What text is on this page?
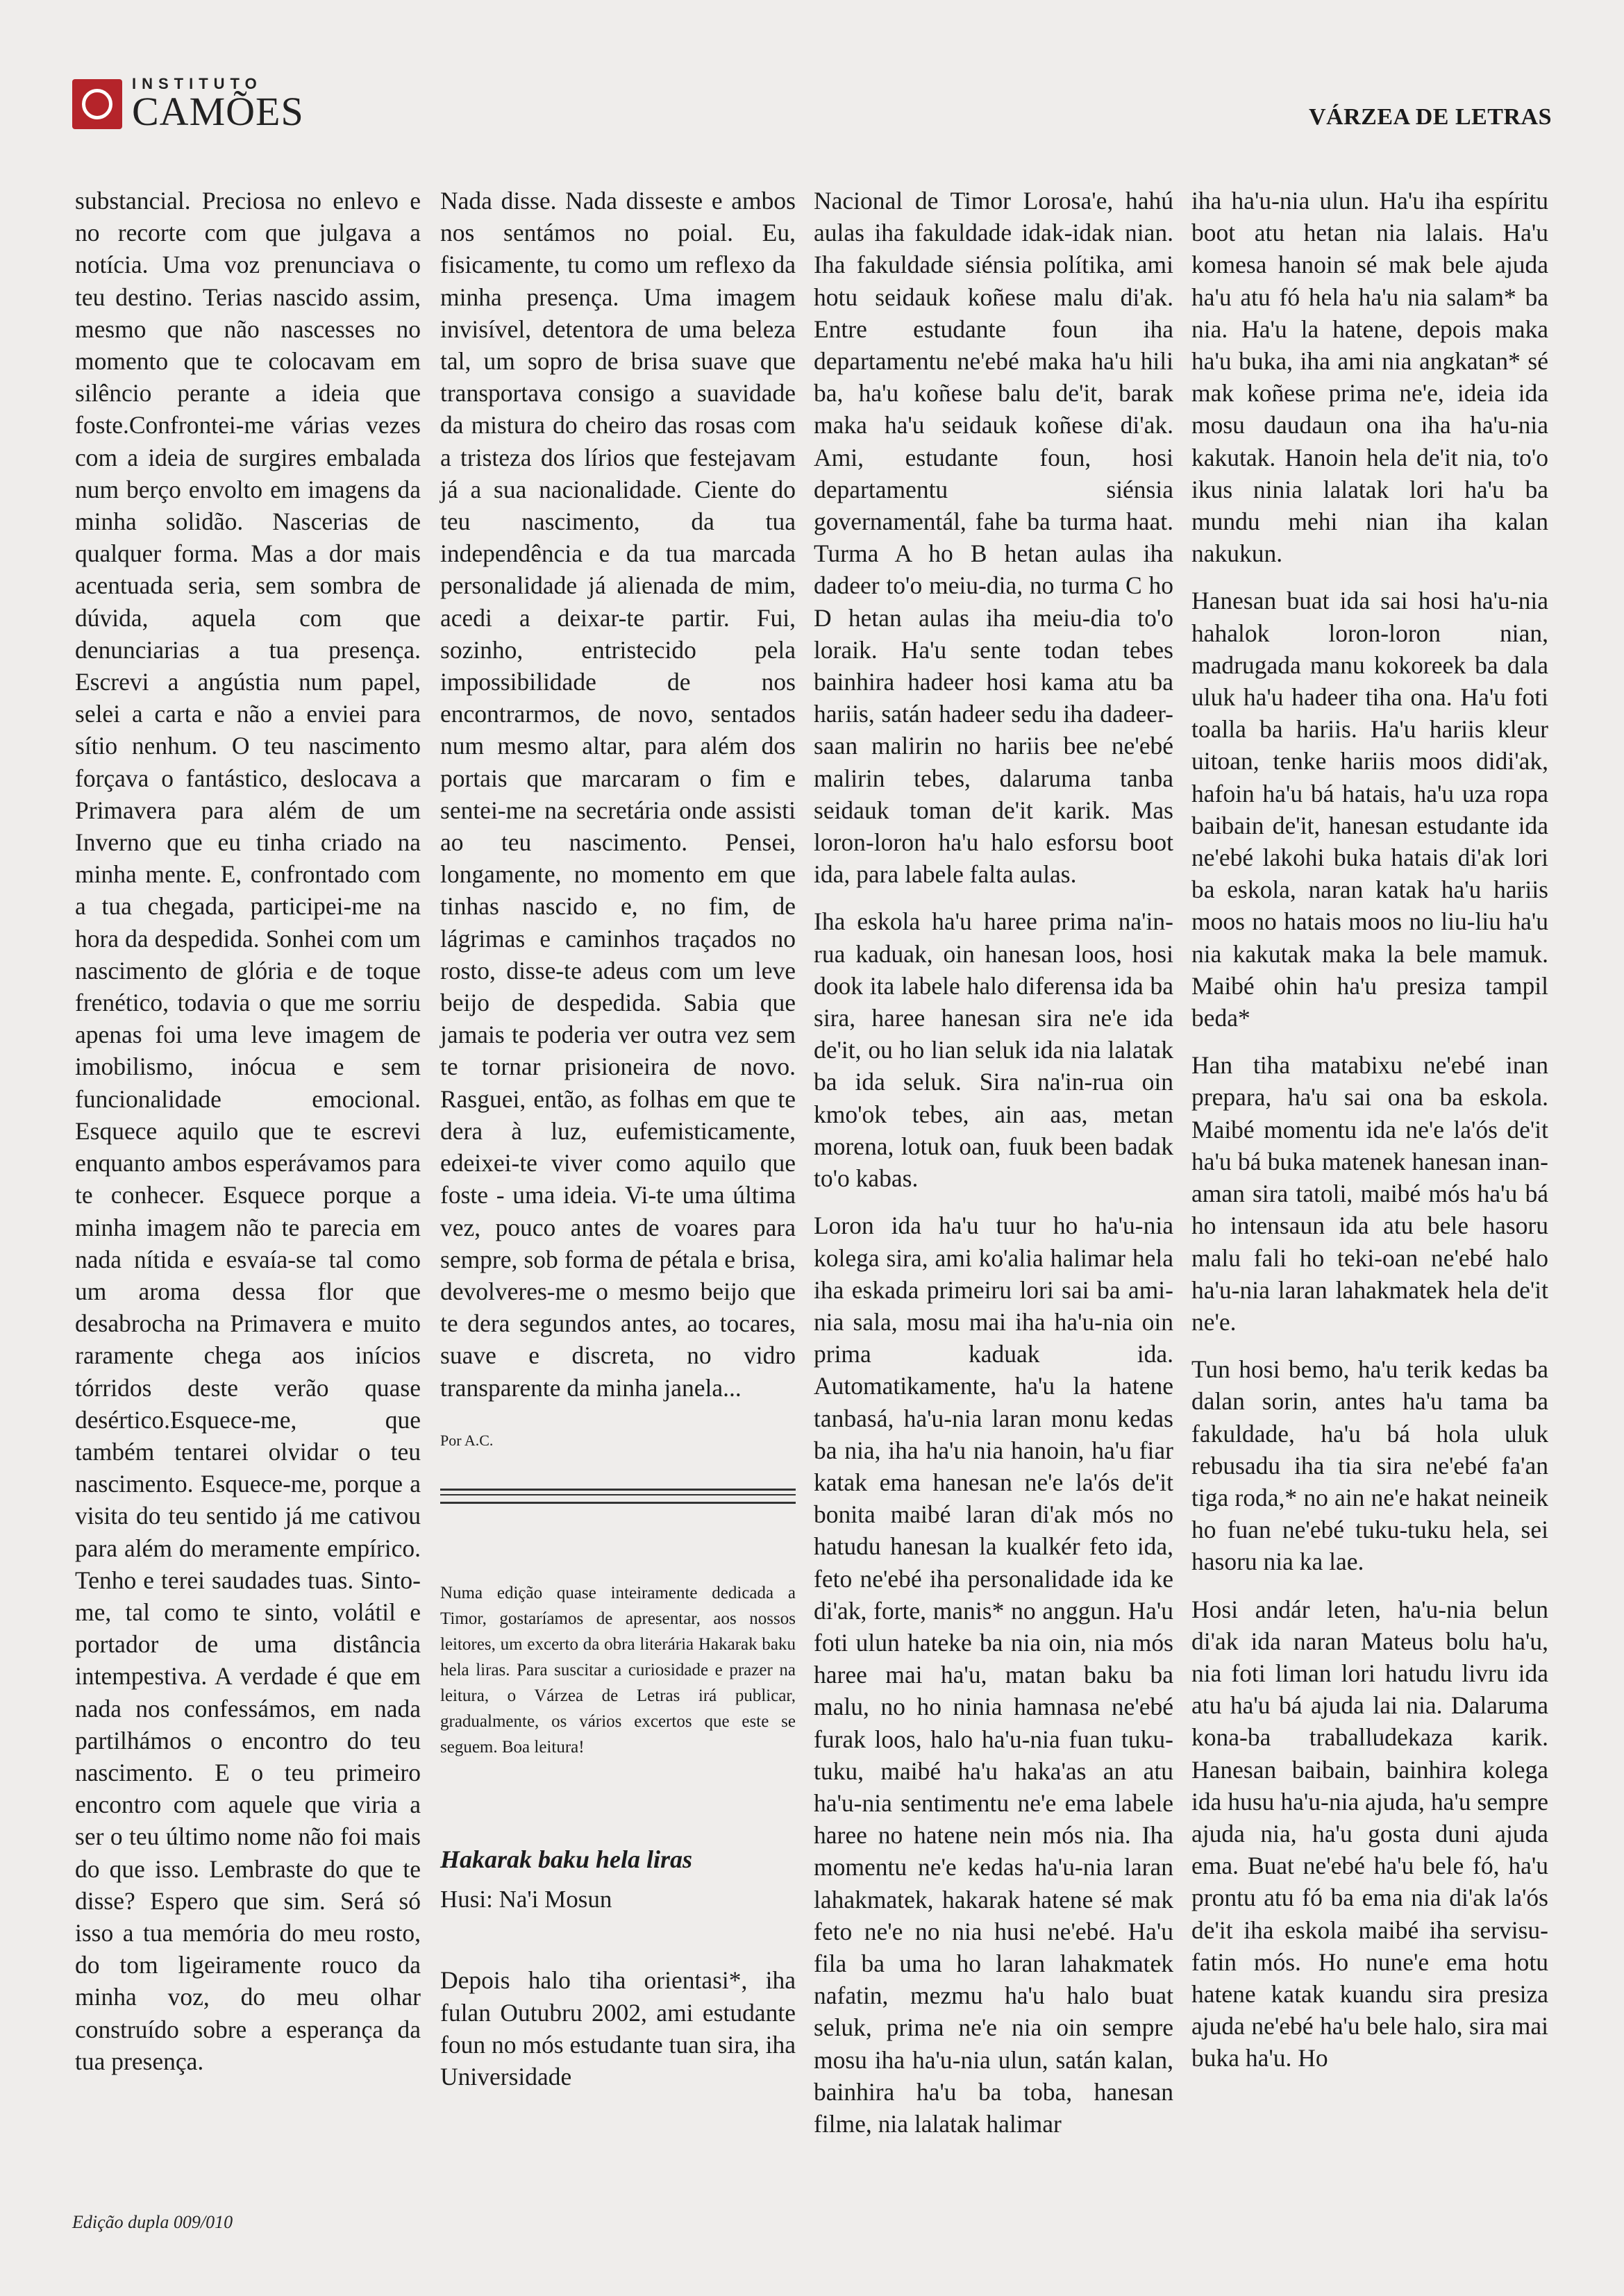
INSTITUTO
CAMÕES	VÁRZEA DE LETRAS

substancial. Preciosa no enlevo e no recorte com que julgava a notícia. Uma voz prenunciava o teu destino. Terias nascido assim, mesmo que não nascesses no momento que te colocavam em silêncio perante a ideia que foste.Confrontei-me várias vezes com a ideia de surgires embalada num berço envolto em imagens da minha solidão. Nascerias de qualquer forma. Mas a dor mais acentuada seria, sem sombra de dúvida, aquela com que denunciarias a tua presença. Escrevi a angústia num papel, selei a carta e não a enviei para sítio nenhum. O teu nascimento forçava o fantástico, deslocava a Primavera para além de um Inverno que eu tinha criado na minha mente. E, confrontado com a tua chegada, participei-me na hora da despedida. Sonhei com um nascimento de glória e de toque frenético, todavia o que me sorriu apenas foi uma leve imagem de imobilismo, inócua e sem funcionalidade emocional. Esquece aquilo que te escrevi enquanto ambos esperávamos para te conhecer. Esquece porque a minha imagem não te parecia em nada nítida e esvaía-se tal como um aroma dessa flor que desabrocha na Primavera e muito raramente chega aos inícios tórridos deste verão quase desértico.Esquece-me, que também tentarei olvidar o teu nascimento. Esquece-me, porque a visita do teu sentido já me cativou para além do meramente empírico. Tenho e terei saudades tuas. Sinto-me, tal como te sinto, volátil e portador de uma distância intempestiva. A verdade é que em nada nos confessámos, em nada partilhámos o encontro do teu nascimento. E o teu primeiro encontro com aquele que viria a ser o teu último nome não foi mais do que isso. Lembraste do que te disse? Espero que sim. Será só isso a tua memória do meu rosto, do tom ligeiramente rouco da minha voz, do meu olhar construído sobre a esperança da tua presença.

Nada disse. Nada disseste e ambos nos sentámos no poial. Eu, fisicamente, tu como um reflexo da minha presença. Uma imagem invisível, detentora de uma beleza tal, um sopro de brisa suave que transportava consigo a suavidade da mistura do cheiro das rosas com a tristeza dos lírios que festejavam já a sua nacionalidade. Ciente do teu nascimento, da tua independência e da tua marcada personalidade já alienada de mim, acedi a deixar-te partir. Fui, sozinho, entristecido pela impossibilidade de nos encontrarmos, de novo, sentados num mesmo altar, para além dos portais que marcaram o fim e sentei-me na secretária onde assisti ao teu nascimento. Pensei, longamente, no momento em que tinhas nascido e, no fim, de lágrimas e caminhos traçados no rosto, disse-te adeus com um leve beijo de despedida. Sabia que jamais te poderia ver outra vez sem te tornar prisioneira de novo. Rasguei, então, as folhas em que te dera à luz, eufemisticamente, edeixei-te viver como aquilo que foste - uma ideia. Vi-te uma última vez, pouco antes de voares para sempre, sob forma de pétala e brisa, devolveres-me o mesmo beijo que te dera segundos antes, ao tocares, suave e discreta, no vidro transparente da minha janela...

Por A.C.

Numa edição quase inteiramente dedicada a Timor, gostaríamos de apresentar, aos nossos leitores, um excerto da obra literária Hakarak baku hela liras. Para suscitar a curiosidade e prazer na leitura, o Várzea de Letras irá publicar, gradualmente, os vários excertos que este se seguem. Boa leitura!

Hakarak baku hela liras

Husi: Na'i Mosun

Depois halo tiha orientasi*, iha fulan Outubru 2002, ami estudante foun no mós estudante tuan sira, iha Universidade

Nacional de Timor Lorosa'e, hahú aulas iha fakuldade idak-idak nian. Iha fakuldade siénsia polítika, ami hotu seidauk koñese malu di'ak. Entre estudante foun iha departamentu ne'ebé maka ha'u hili ba, ha'u koñese balu de'it, barak maka ha'u seidauk koñese di'ak. Ami, estudante foun, hosi departamentu siénsia governamentál, fahe ba turma haat. Turma A ho B hetan aulas iha dadeer to'o meiu-dia, no turma C ho D hetan aulas iha meiu-dia to'o loraik. Ha'u sente todan tebes bainhira hadeer hosi kama atu ba hariis, satán hadeer sedu iha dadeer-saan malirin no hariis bee ne'ebé malirin tebes, dalaruma tanba seidauk toman de'it karik. Mas loron-loron ha'u halo esforsu boot ida, para labele falta aulas.

Iha eskola ha'u haree prima na'in-rua kaduak, oin hanesan loos, hosi dook ita labele halo diferensa ida ba sira, haree hanesan sira ne'e ida de'it, ou ho lian seluk ida nia lalatak ba ida seluk. Sira na'in-rua oin kmo'ok tebes, ain aas, metan morena, lotuk oan, fuuk been badak to'o kabas.

Loron ida ha'u tuur ho ha'u-nia kolega sira, ami ko'alia halimar hela iha eskada primeiru lori sai ba ami-nia sala, mosu mai iha ha'u-nia oin prima kaduak ida. Automatikamente, ha'u la hatene tanbasá, ha'u-nia laran monu kedas ba nia, iha ha'u nia hanoin, ha'u fiar katak ema hanesan ne'e la'ós de'it bonita maibé laran di'ak mós no hatudu hanesan la kualkér feto ida, feto ne'ebé iha personalidade ida ke di'ak, forte, manis* no anggun. Ha'u foti ulun hateke ba nia oin, nia mós haree mai ha'u, matan baku ba malu, no ho ninia hamnasa ne'ebé furak loos, halo ha'u-nia fuan tuku-tuku, maibé ha'u haka'as an atu ha'u-nia sentimentu ne'e ema labele haree no hatene nein mós nia. Iha momentu ne'e kedas ha'u-nia laran lahakmatek, hakarak hatene sé mak feto ne'e no nia husi ne'ebé. Ha'u fila ba uma ho laran lahakmatek nafatin, mezmu ha'u halo buat seluk, prima ne'e nia oin sempre mosu iha ha'u-nia ulun, satán kalan, bainhira ha'u ba toba, hanesan filme, nia lalatak halimar

iha ha'u-nia ulun. Ha'u iha espíritu boot atu hetan nia lalais. Ha'u komesa hanoin sé mak bele ajuda ha'u atu fó hela ha'u nia salam* ba nia. Ha'u la hatene, depois maka ha'u buka, iha ami nia angkatan* sé mak koñese prima ne'e, ideia ida mosu daudaun ona iha ha'u-nia kakutak. Hanoin hela de'it nia, to'o ikus ninia lalatak lori ha'u ba mundu mehi nian iha kalan nakukun.

Hanesan buat ida sai hosi ha'u-nia hahalok loron-loron nian, madrugada manu kokoreek ba dala uluk ha'u hadeer tiha ona. Ha'u foti toalla ba hariis. Ha'u hariis kleur uitoan, tenke hariis moos didi'ak, hafoin ha'u bá hatais, ha'u uza ropa baibain de'it, hanesan estudante ida ne'ebé lakohi buka hatais di'ak lori ba eskola, naran katak ha'u hariis moos no hatais moos no liu-liu ha'u nia kakutak maka la bele mamuk. Maibé ohin ha'u presiza tampil beda*

Han tiha matabixu ne'ebé inan prepara, ha'u sai ona ba eskola. Maibé momentu ida ne'e la'ós de'it ha'u bá buka matenek hanesan inan-aman sira tatoli, maibé mós ha'u bá ho intensaun ida atu bele hasoru malu fali ho teki-oan ne'ebé halo ha'u-nia laran lahakmatek hela de'it ne'e.

Tun hosi bemo, ha'u terik kedas ba dalan sorin, antes ha'u tama ba fakuldade, ha'u bá hola uluk rebusadu iha tia sira ne'ebé fa'an tiga roda,* no ain ne'e hakat neineik ho fuan ne'ebé tuku-tuku hela, sei hasoru nia ka lae.

Hosi andár leten, ha'u-nia belun di'ak ida naran Mateus bolu ha'u, nia foti liman lori hatudu livru ida atu ha'u bá ajuda lai nia. Dalaruma kona-ba traballudekaza karik. Hanesan baibain, bainhira kolega ida husu ha'u-nia ajuda, ha'u sempre ajuda nia, ha'u gosta duni ajuda ema. Buat ne'ebé ha'u bele fó, ha'u prontu atu fó ba ema nia di'ak la'ós de'it iha eskola maibé iha servisu-fatin mós. Ho nune'e ema hotu hatene katak kuandu sira presiza ajuda ne'ebé ha'u bele halo, sira mai buka ha'u. Ho

Edição dupla 009/010
